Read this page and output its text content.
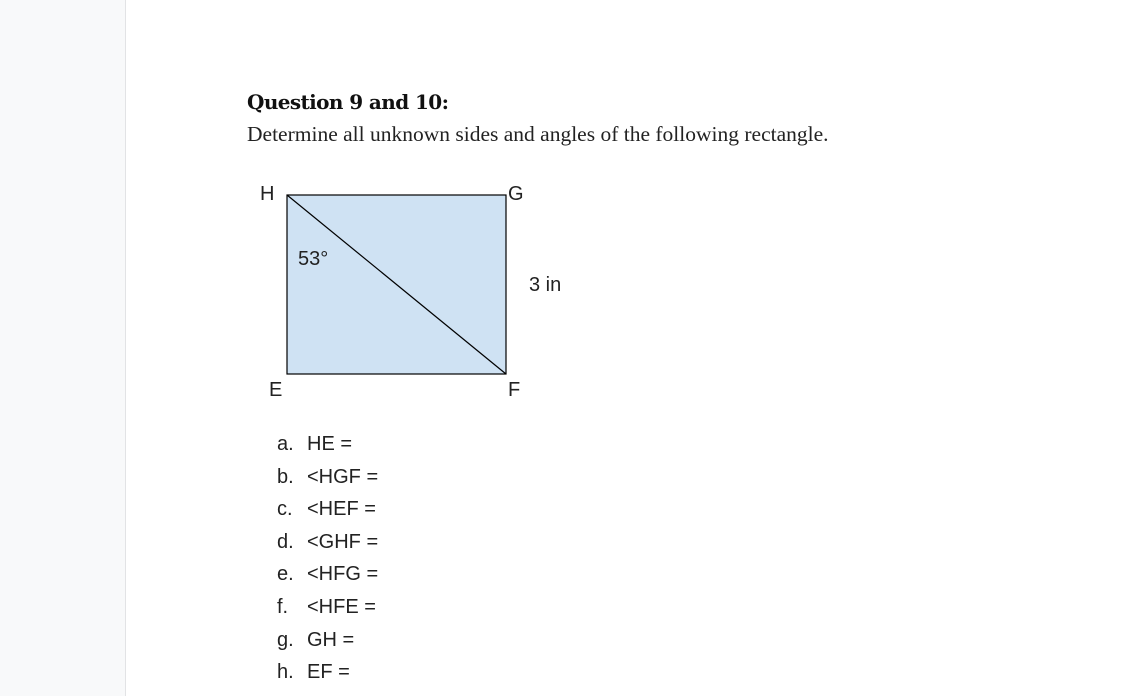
Question 9 and 10:
Determine all unknown sides and angles of the following rectangle.
H	G
E	F
53°
3 in
a. HE =
b. <HGF =
c. <HEF =
d. <GHF =
e. <HFG =
f. <HFE =
g. GH =
h. EF =
